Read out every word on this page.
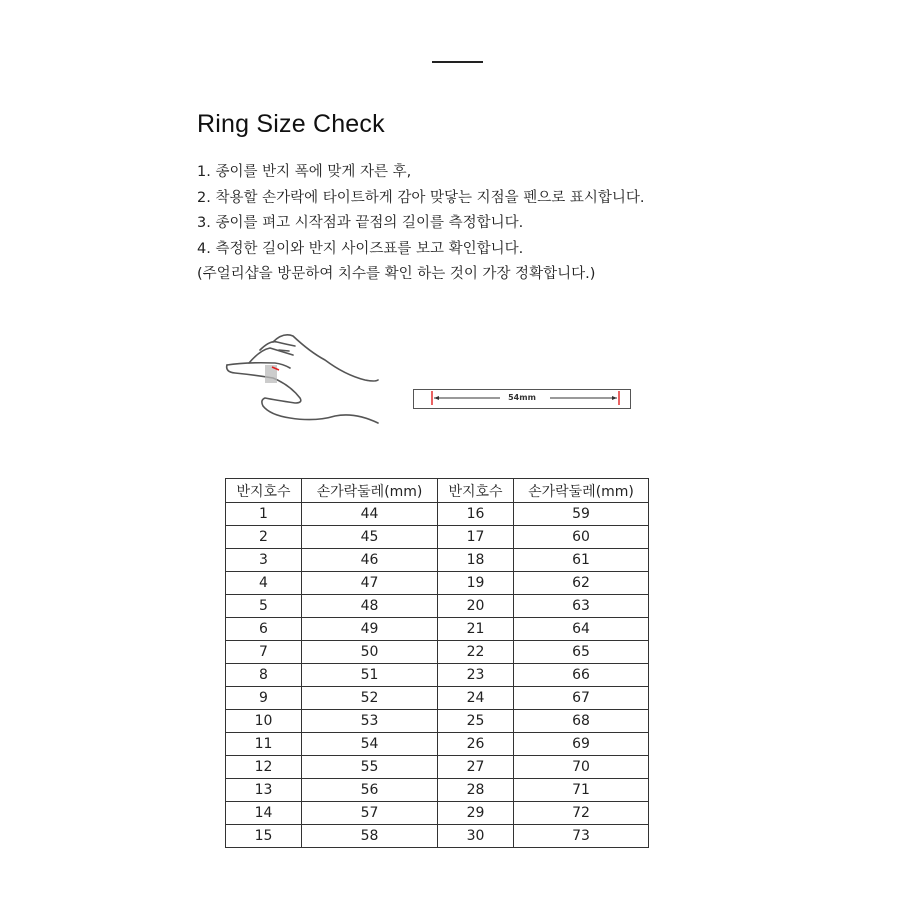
Ring Size Check
1. 종이를 반지 폭에 맞게 자른 후,
2. 착용할 손가락에 타이트하게 감아 맞닿는 지점을 펜으로 표시합니다.
3. 종이를 펴고 시작점과 끝점의 길이를 측정합니다.
4. 측정한 길이와 반지 사이즈표를 보고 확인합니다.
(주얼리샵을 방문하여 치수를 확인 하는 것이 가장 정확합니다.)
54mm
반지호수	손가락둘레(mm)	반지호수	손가락둘레(mm)
1	44	16	59
2	45	17	60
3	46	18	61
4	47	19	62
5	48	20	63
6	49	21	64
7	50	22	65
8	51	23	66
9	52	24	67
10	53	25	68
11	54	26	69
12	55	27	70
13	56	28	71
14	57	29	72
15	58	30	73
